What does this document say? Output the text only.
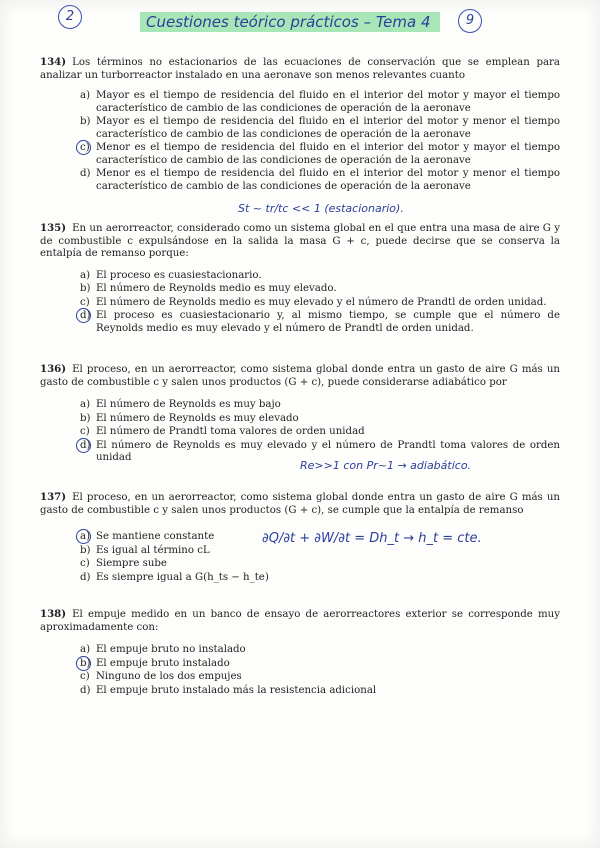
2	Cuestiones teórico prácticos – Tema 4	9

134) Los términos no estacionarios de las ecuaciones de conservación que se emplean para analizar un turborreactor instalado en una aeronave son menos relevantes cuanto

a) Mayor es el tiempo de residencia del fluido en el interior del motor y mayor el tiempo característico de cambio de las condiciones de operación de la aeronave
b) Mayor es el tiempo de residencia del fluido en el interior del motor y menor el tiempo característico de cambio de las condiciones de operación de la aeronave
c) Menor es el tiempo de residencia del fluido en el interior del motor y mayor el tiempo característico de cambio de las condiciones de operación de la aeronave
d) Menor es el tiempo de residencia del fluido en el interior del motor y menor el tiempo característico de cambio de las condiciones de operación de la aeronave
St ~ tr/tc << 1 (estacionario).

135) En un aerorreactor, considerado como un sistema global en el que entra una masa de aire G y de combustible c expulsándose en la salida la masa G + c, puede decirse que se conserva la entalpía de remanso porque:

a) El proceso es cuasiestacionario.
b) El número de Reynolds medio es muy elevado.
c) El número de Reynolds medio es muy elevado y el número de Prandtl de orden unidad.
d) El proceso es cuasiestacionario y, al mismo tiempo, se cumple que el número de Reynolds medio es muy elevado y el número de Prandtl de orden unidad.

136) El proceso, en un aerorreactor, como sistema global donde entra un gasto de aire G más un gasto de combustible c y salen unos productos (G + c), puede considerarse adiabático por

a) El número de Reynolds es muy bajo
b) El número de Reynolds es muy elevado
c) El número de Prandtl toma valores de orden unidad
d) El número de Reynolds es muy elevado y el número de Prandtl toma valores de orden unidad
Re>>1 con Pr~1 → adiabático.

137) El proceso, en un aerorreactor, como sistema global donde entra un gasto de aire G más un gasto de combustible c y salen unos productos (G + c), se cumple que la entalpía de remanso

a) Se mantiene constante
b) Es igual al término cL
c) Siempre sube
d) Es siempre igual a G(h_ts − h_te)
∂Q/∂t + ∂W/∂t = Dh_t → h_t = cte.

138) El empuje medido en un banco de ensayo de aerorreactores exterior se corresponde muy aproximadamente con:

a) El empuje bruto no instalado
b) El empuje bruto instalado
c) Ninguno de los dos empujes
d) El empuje bruto instalado más la resistencia adicional
